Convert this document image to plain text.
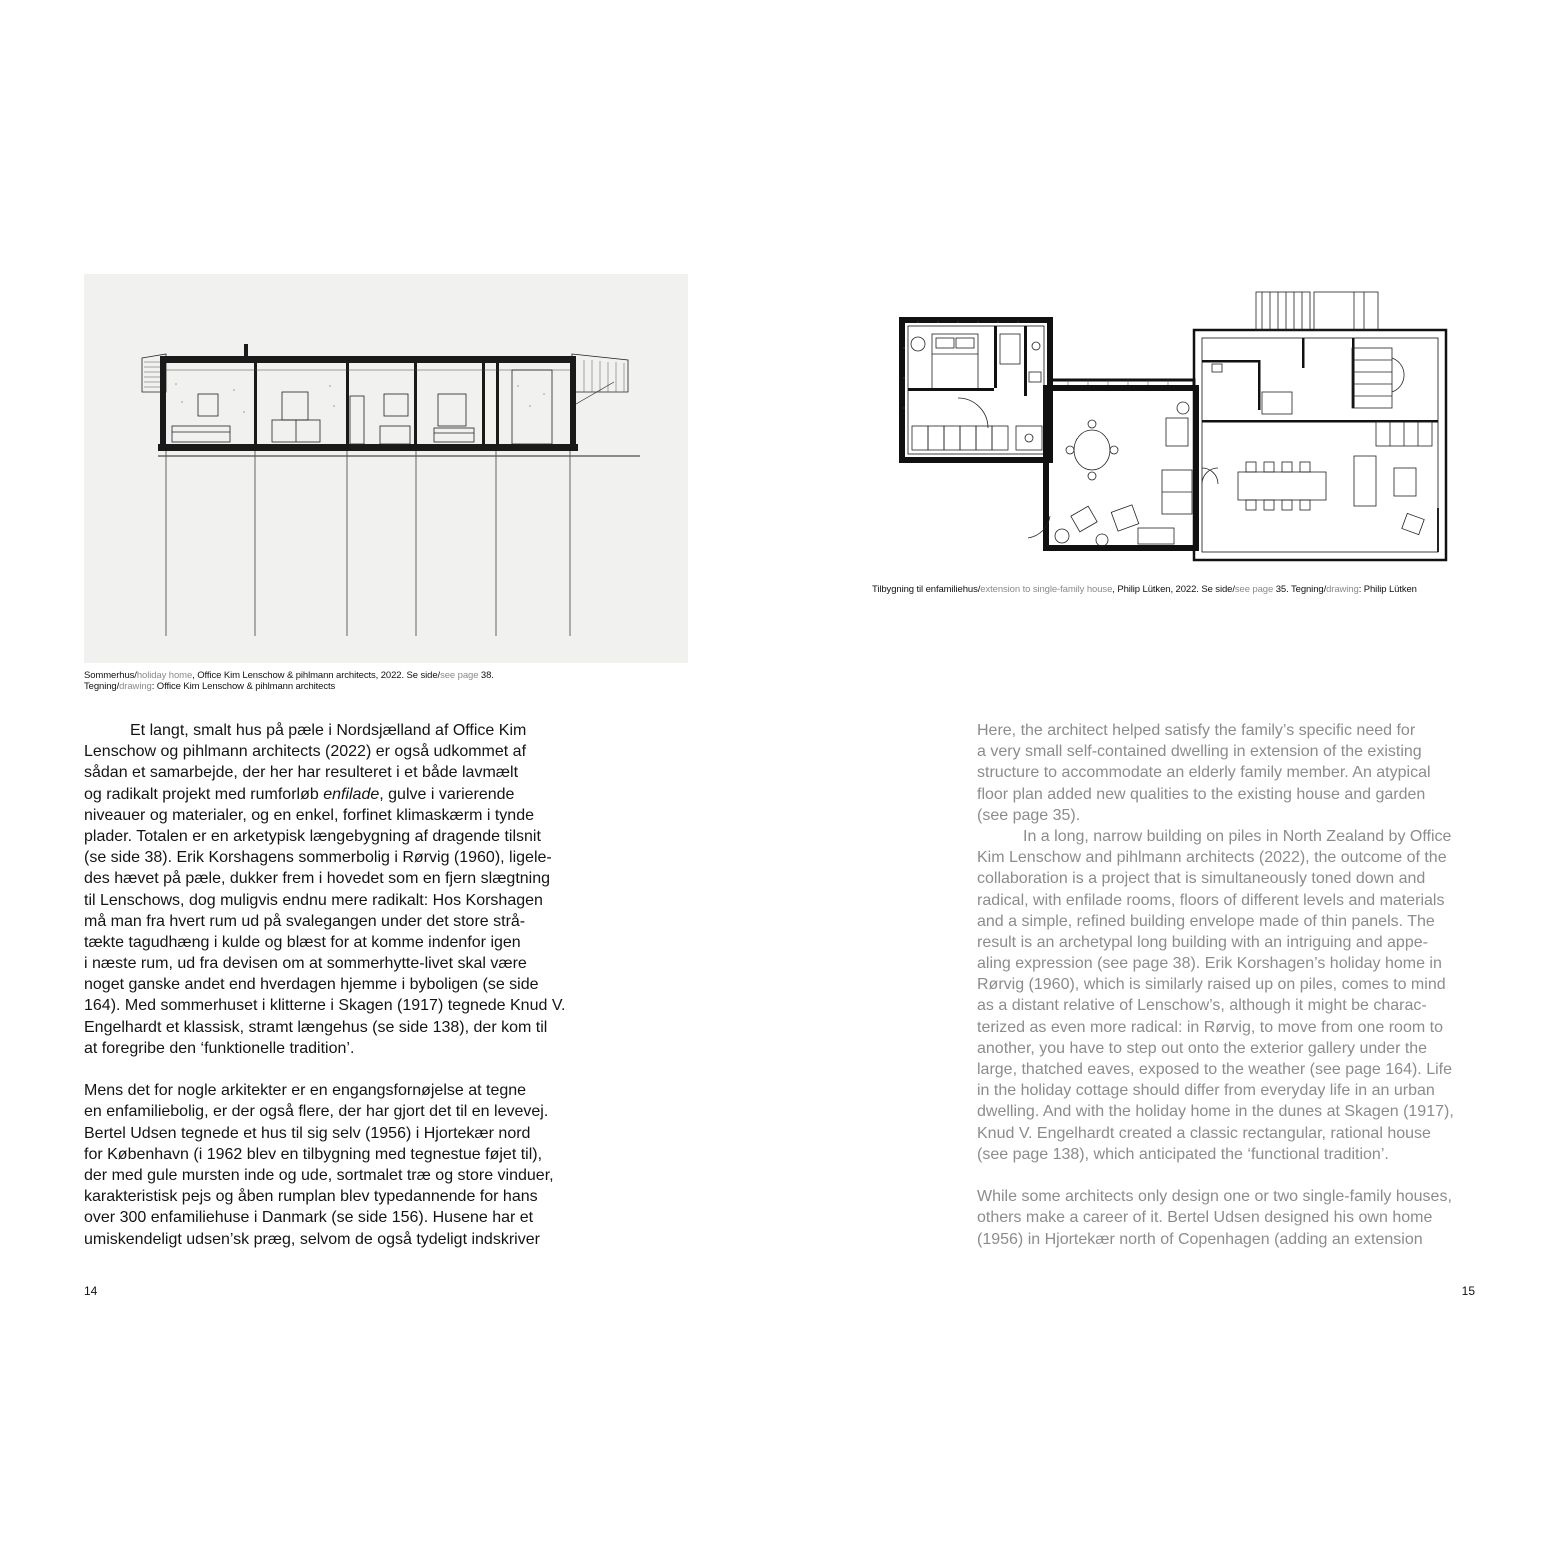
Sommerhus/holiday home, Office Kim Lenschow & pihlmann architects, 2022. Se side/see page 38.
Tegning/drawing: Office Kim Lenschow & pihlmann architects
Tilbygning til enfamiliehus/extension to single-family house, Philip Lütken, 2022. Se side/see page 35. Tegning/drawing: Philip Lütken
Et langt, smalt hus på pæle i Nordsjælland af Office Kim
Lenschow og pihlmann architects (2022) er også udkommet af
sådan et samarbejde, der her har resulteret i et både lavmælt
og radikalt projekt med rumforløb enfilade, gulve i varierende
niveauer og materialer, og en enkel, forfinet klimaskærm i tynde
plader. Totalen er en arketypisk længebygning af dragende tilsnit
(se side 38). Erik Korshagens sommerbolig i Rørvig (1960), ligele-
des hævet på pæle, dukker frem i hovedet som en fjern slægtning
til Lenschows, dog muligvis endnu mere radikalt: Hos Korshagen
må man fra hvert rum ud på svalegangen under det store strå-
tækte tagudhæng i kulde og blæst for at komme indenfor igen
i næste rum, ud fra devisen om at sommerhytte-livet skal være
noget ganske andet end hverdagen hjemme i byboligen (se side
164). Med sommerhuset i klitterne i Skagen (1917) tegnede Knud V.
Engelhardt et klassisk, stramt længehus (se side 138), der kom til
at foregribe den ‘funktionelle tradition’.
Mens det for nogle arkitekter er en engangsfornøjelse at tegne
en enfamiliebolig, er der også flere, der har gjort det til en levevej.
Bertel Udsen tegnede et hus til sig selv (1956) i Hjortekær nord
for København (i 1962 blev en tilbygning med tegnestue føjet til),
der med gule mursten inde og ude, sortmalet træ og store vinduer,
karakteristisk pejs og åben rumplan blev typedannende for hans
over 300 enfamiliehuse i Danmark (se side 156). Husene har et
umiskendeligt udsen’sk præg, selvom de også tydeligt indskriver
Here, the architect helped satisfy the family’s specific need for
a very small self-contained dwelling in extension of the existing
structure to accommodate an elderly family member. An atypical
floor plan added new qualities to the existing house and garden
(see page 35).
In a long, narrow building on piles in North Zealand by Office
Kim Lenschow and pihlmann architects (2022), the outcome of the
collaboration is a project that is simultaneously toned down and
radical, with enfilade rooms, floors of different levels and materials
and a simple, refined building envelope made of thin panels. The
result is an archetypal long building with an intriguing and appe-
aling expression (see page 38). Erik Korshagen’s holiday home in
Rørvig (1960), which is similarly raised up on piles, comes to mind
as a distant relative of Lenschow’s, although it might be charac-
terized as even more radical: in Rørvig, to move from one room to
another, you have to step out onto the exterior gallery under the
large, thatched eaves, exposed to the weather (see page 164). Life
in the holiday cottage should differ from everyday life in an urban
dwelling. And with the holiday home in the dunes at Skagen (1917),
Knud V. Engelhardt created a classic rectangular, rational house
(see page 138), which anticipated the ‘functional tradition’.
While some architects only design one or two single-family houses,
others make a career of it. Bertel Udsen designed his own home
(1956) in Hjortekær north of Copenhagen (adding an extension
14	15
